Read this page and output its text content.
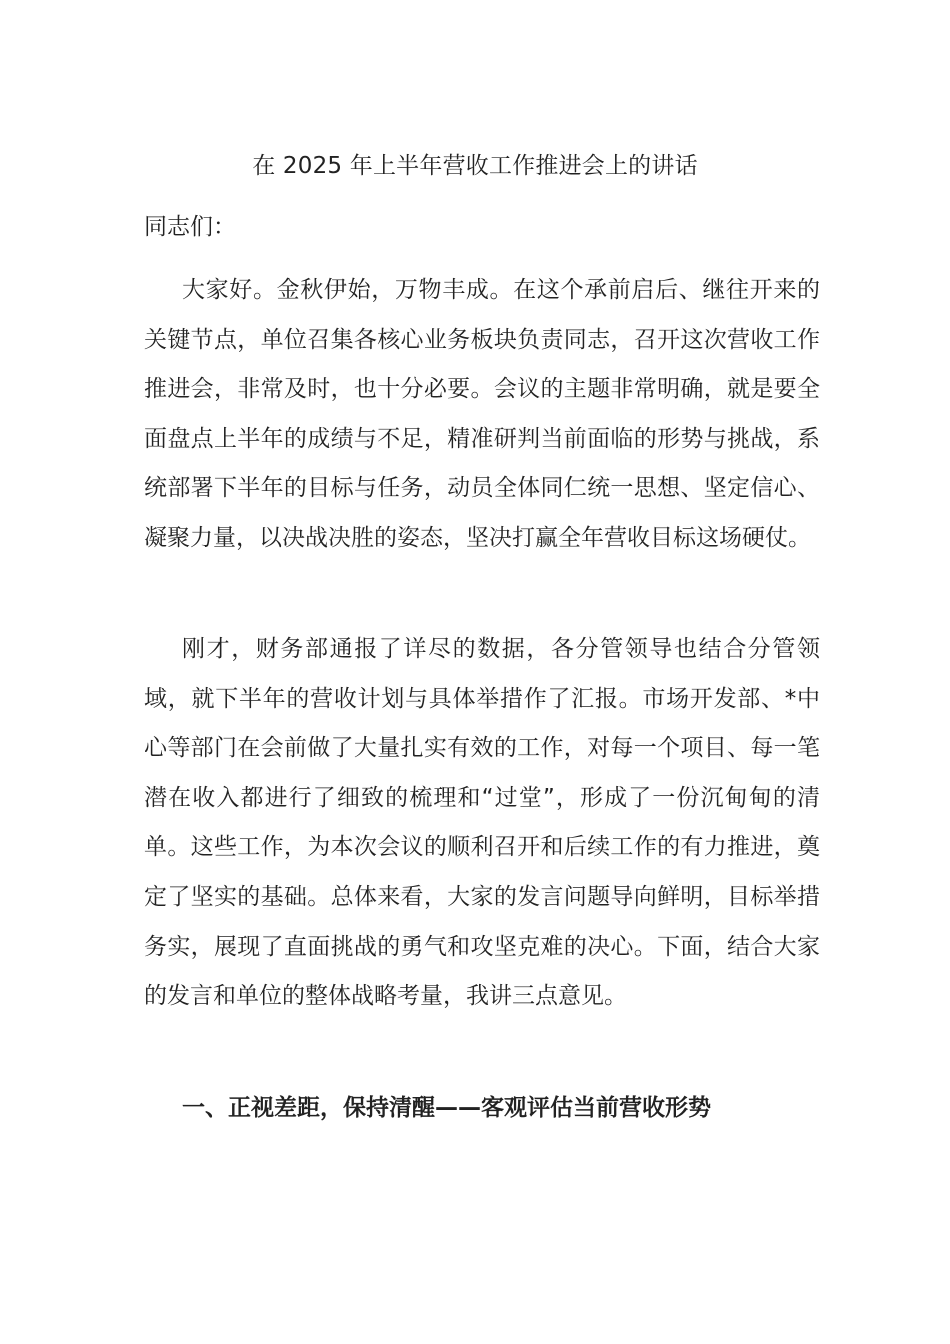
在 2025 年上半年营收工作推进会上的讲话
同志们：

大家好。金秋伊始，万物丰成。在这个承前启后、继往开来的关键节点，单位召集各核心业务板块负责同志，召开这次营收工作推进会，非常及时，也十分必要。会议的主题非常明确，就是要全面盘点上半年的成绩与不足，精准研判当前面临的形势与挑战，系统部署下半年的目标与任务，动员全体同仁统一思想、坚定信心、凝聚力量，以决战决胜的姿态，坚决打赢全年营收目标这场硬仗。

刚才，财务部通报了详尽的数据，各分管领导也结合分管领域，就下半年的营收计划与具体举措作了汇报。市场开发部、*中心等部门在会前做了大量扎实有效的工作，对每一个项目、每一笔潜在收入都进行了细致的梳理和“过堂”，形成了一份沉甸甸的清单。这些工作，为本次会议的顺利召开和后续工作的有力推进，奠定了坚实的基础。总体来看，大家的发言问题导向鲜明，目标举措务实，展现了直面挑战的勇气和攻坚克难的决心。下面，结合大家的发言和单位的整体战略考量，我讲三点意见。

一、正视差距，保持清醒——客观评估当前营收形势
